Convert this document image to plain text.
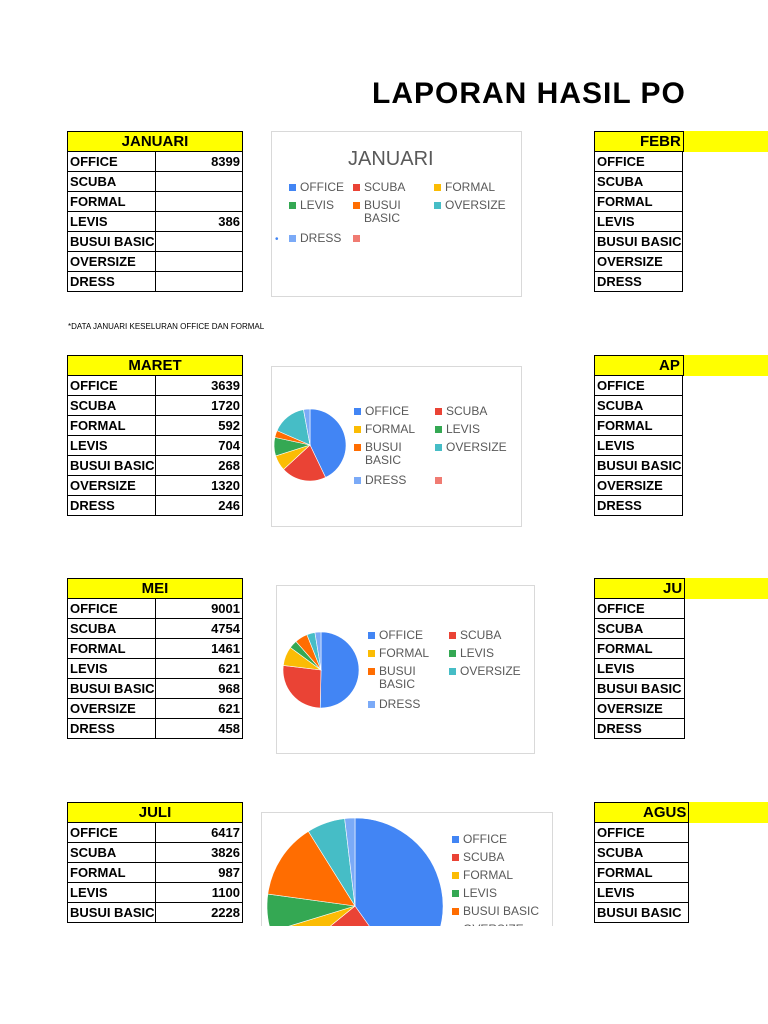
LAPORAN HASIL PO
JANUARI	
OFFICE	8399
SCUBA	
FORMAL	
LEVIS	386
BUSUI BASIC	
OVERSIZE	
DRESS	
JANUARI
OFFICE	SCUBA	FORMAL
LEVIS	BUSUI
BASIC
OVERSIZE
•	DRESS
*DATA JANUARI KESELURAN OFFICE DAN FORMAL
MARET	
OFFICE	3639
SCUBA	1720
FORMAL	592
LEVIS	704
BUSUI BASIC	268
OVERSIZE	1320
DRESS	246
OFFICE	SCUBA
FORMAL	LEVIS
BUSUI
BASIC
OVERSIZE
DRESS
MEI	
OFFICE	9001
SCUBA	4754
FORMAL	1461
LEVIS	621
BUSUI BASIC	968
OVERSIZE	621
DRESS	458
OFFICE	SCUBA
FORMAL	LEVIS
BUSUI
BASIC
OVERSIZE
DRESS
JULI	
OFFICE	6417
SCUBA	3826
FORMAL	987
LEVIS	1100
BUSUI BASIC	2228
OFFICE
SCUBA
FORMAL
LEVIS
BUSUI BASIC
FEBR	
OFFICE	
SCUBA	
FORMAL	
LEVIS	
BUSUI BASIC	
OVERSIZE	
DRESS	
AP	
OFFICE	
SCUBA	
FORMAL	
LEVIS	
BUSUI BASIC	
OVERSIZE	
DRESS	
JU	
OFFICE	
SCUBA	
FORMAL	
LEVIS	
BUSUI BASIC	
OVERSIZE	
DRESS	
AGUS	
OFFICE	
SCUBA	
FORMAL	
LEVIS	
BUSUI BASIC	
